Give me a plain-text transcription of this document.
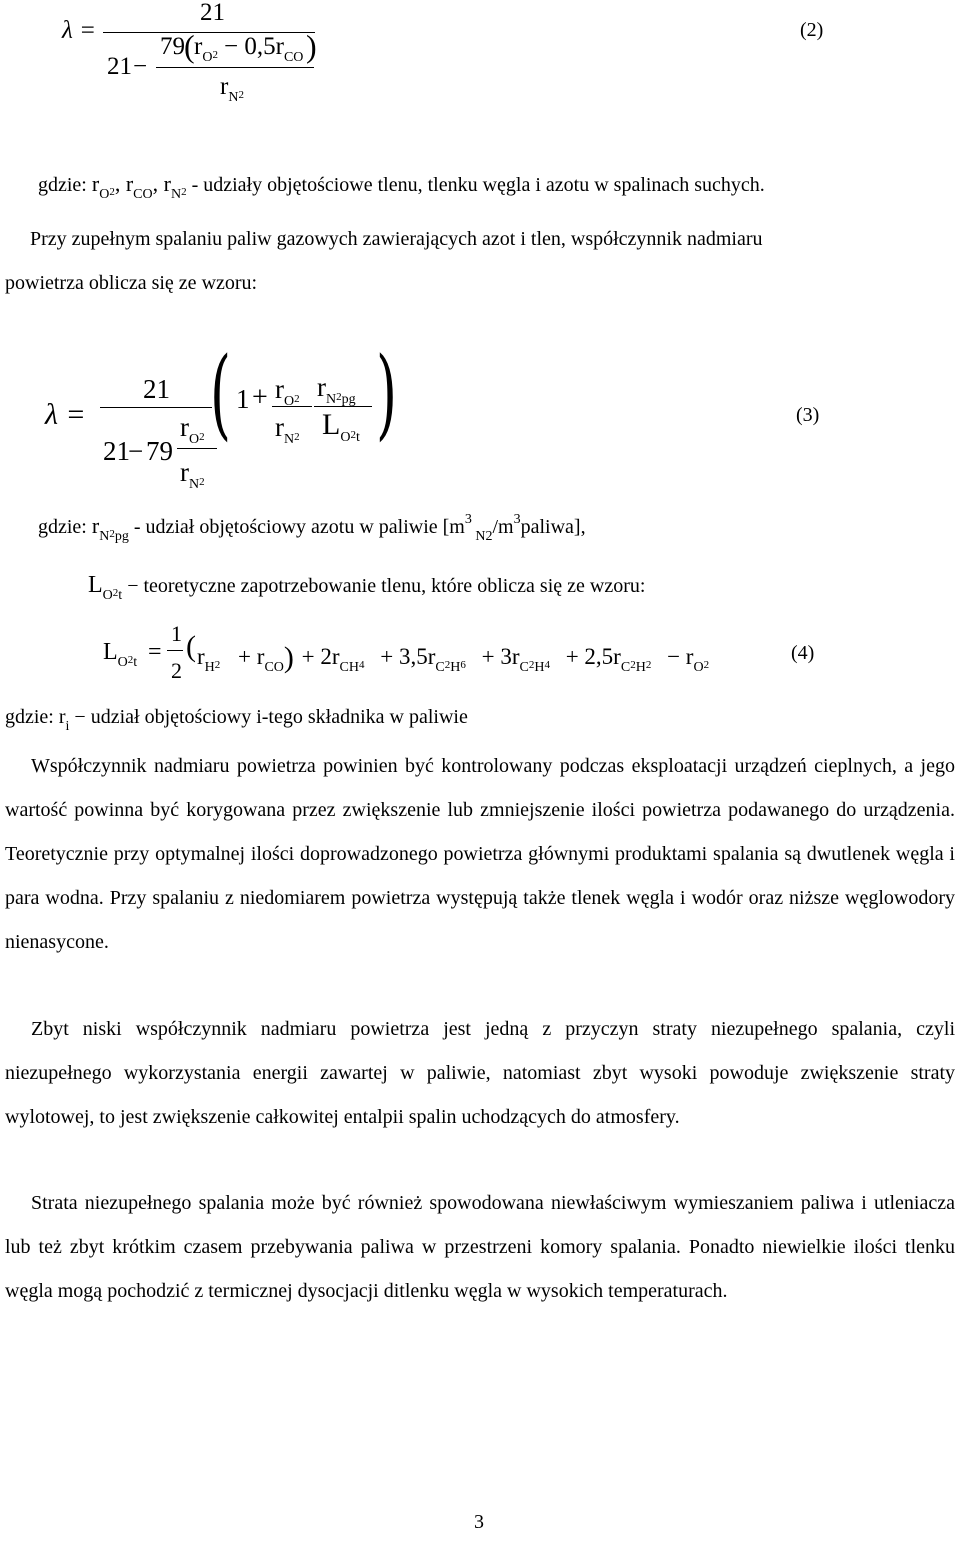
λ =
21
21 −
79 ( $r_O2 - 0,5r_{CO}$ )
$r_N2$
(2)
gdzie: $r_O2$, $r_{CO}$, $r_N2$ - udziały objętościowe tlenu, tlenku węgla i azotu w spalinach suchych.
Przy zupełnym spalaniu paliw gazowych zawierających azot i tlen, współczynnik nadmiaru
powietrza oblicza się ze wzoru:
λ =
21
21
− 79
$r_O2$
$r_N2$
( $1 + r_O2$
$r_N2$
$r_N2_{pg}$
$L_O2_t$ )	(3)
gdzie: $r_N2_{pg}$ - udział objętościowy azotu w paliwie [$m^3$ $_{N2}/m^3paliwa$],
$L_O2_t$ − teoretyczne zapotrzebowanie tlenu, które oblicza się ze wzoru:
$L_O2_t$ =
1
2
( $r_H2 + r_{CO}) + 2r_{CH}4 + 3,5r_C2_H6 + 3r_C2_H4 + 2,5r_C2_H2 - r_O2$
(4)
gdzie: $r_i$ − udział objętościowy i-tego składnika w paliwie
Współczynnik nadmiaru powietrza powinien być kontrolowany podczas eksploatacji urządzeń cieplnych, a jego wartość powinna być korygowana przez zwiększenie lub zmniejszenie ilości powietrza podawanego do urządzenia. Teoretycznie przy optymalnej ilości doprowadzonego powietrza głównymi produktami spalania są dwutlenek węgla i para wodna. Przy spalaniu z niedomiarem powietrza występują także tlenek węgla i wodór oraz niższe węglowodory nienasycone.
Zbyt niski współczynnik nadmiaru powietrza jest jedną z przyczyn straty niezupełnego spalania, czyli niezupełnego wykorzystania energii zawartej w paliwie, natomiast zbyt wysoki powoduje zwiększenie straty wylotowej, to jest zwiększenie całkowitej entalpii spalin uchodzących do atmosfery.
Strata niezupełnego spalania może być również spowodowana niewłaściwym wymieszaniem paliwa i utleniacza lub też zbyt krótkim czasem przebywania paliwa w przestrzeni komory spalania. Ponadto niewielkie ilości tlenku węgla mogą pochodzić z termicznej dysocjacji ditlenku węgla w wysokich temperaturach.
3
